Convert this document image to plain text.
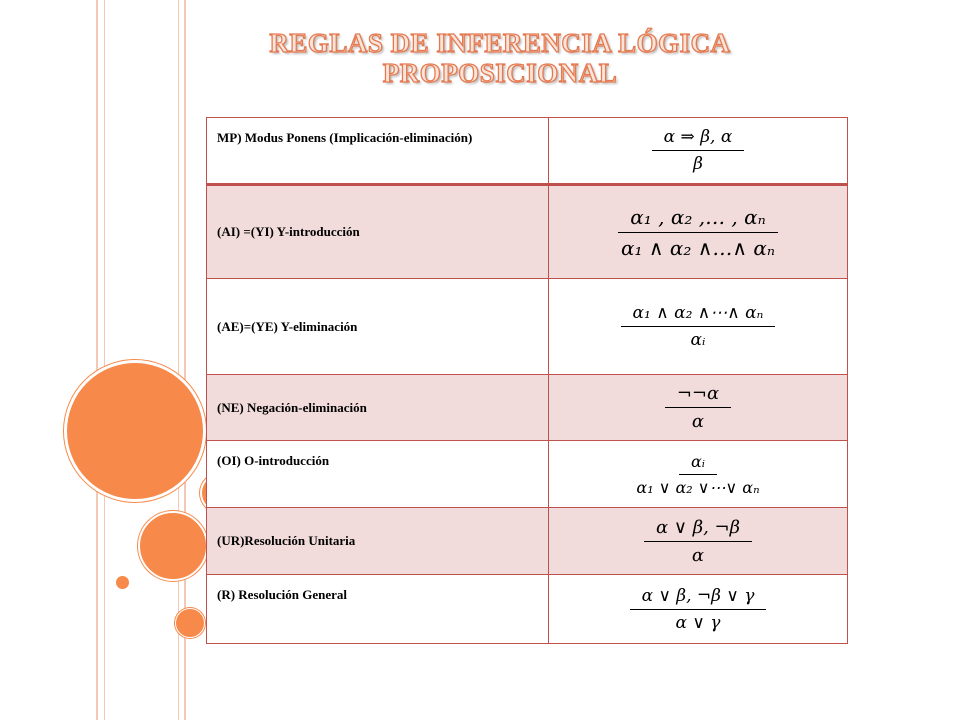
REGLAS DE INFERENCIA LÓGICA
PROPOSICIONAL
MP) Modus Ponens (Implicación-eliminación)	α ⇒ β, α
β

(AI) =(YI) Y-introducción	α₁ , α₂ ,… , αₙ
α₁ ∧ α₂ ∧…∧ αₙ

(AE)=(YE) Y-eliminación	α₁ ∧ α₂ ∧⋯∧ αₙ
αᵢ

(NE) Negación-eliminación	¬¬α
α

(OI) O-introducción	αᵢ
α₁ ∨ α₂ ∨⋯∨ αₙ

(UR)Resolución Unitaria	α ∨ β, ¬β
α

(R) Resolución General	α ∨ β, ¬β ∨ γ
α ∨ γ
